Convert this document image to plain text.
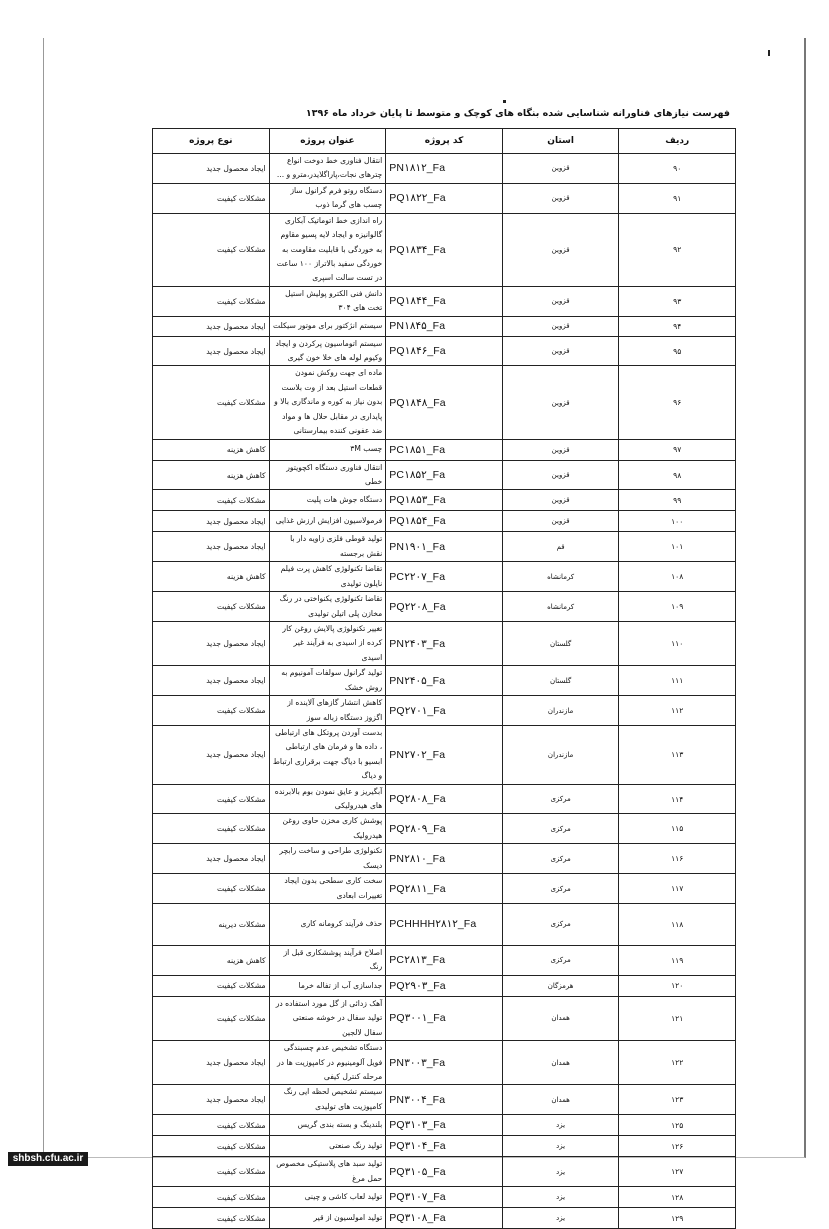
فهرست نیازهای فناورانه شناسایی شده بنگاه های کوچک و متوسط تا پایان خرداد ماه ۱۳۹۶
ردیف	استان	کد پروژه	عنوان پروژه	نوع پروژه
۹۰	قزوین	PN۱۸۱۲_Fa	انتقال فناوری خط دوخت انواع چترهای نجات،پاراگلایدر،مترو و ...	ایجاد محصول جدید
۹۱	قزوین	PQ۱۸۲۲_Fa	دستگاه روتو فرم گرانول ساز چسب های گرما ذوب	مشکلات کیفیت
۹۲	قزوین	PQ۱۸۳۴_Fa	راه اندازی خط اتوماتیک آبکاری گالوانیزه و ایجاد لایه پسیو مقاوم به خوردگی با قابلیت مقاومت به خوردگی سفید بالاتراز ۱۰۰ ساعت در تست سالت اسپری	مشکلات کیفیت
۹۳	قزوین	PQ۱۸۴۴_Fa	دانش فنی الکترو پولیش استیل تخت های ۳۰۴	مشکلات کیفیت
۹۴	قزوین	PN۱۸۴۵_Fa	سیستم انژکتور برای موتور سیکلت	ایجاد محصول جدید
۹۵	قزوین	PQ۱۸۴۶_Fa	سیستم اتوماسیون پرکردن و ایجاد وکیوم لوله های خلا خون گیری	ایجاد محصول جدید
۹۶	قزوین	PQ۱۸۴۸_Fa	ماده ای جهت روکش نمودن قطعات استیل بعد از وت بلاست بدون نیاز به کوره و ماندگاری بالا و پایداری در مقابل حلال ها و مواد ضد عفونی کننده بیمارستانی	مشکلات کیفیت
۹۷	قزوین	PC۱۸۵۱_Fa	چسب ۳M	کاهش هزینه
۹۸	قزوین	PC۱۸۵۲_Fa	انتقال فناوری دستگاه اکچویتور خطی	کاهش هزینه
۹۹	قزوین	PQ۱۸۵۳_Fa	دستگاه جوش هات پلیت	مشکلات کیفیت
۱۰۰	قزوین	PQ۱۸۵۴_Fa	فرمولاسیون افزایش ارزش غذایی	ایجاد محصول جدید
۱۰۱	قم	PN۱۹۰۱_Fa	تولید قوطی فلزی زاویه دار با نقش برجسته	ایجاد محصول جدید
۱۰۸	کرمانشاه	PC۲۲۰۷_Fa	تقاضا تکنولوژی کاهش پرت فیلم نایلون تولیدی	کاهش هزینه
۱۰۹	کرمانشاه	PQ۲۲۰۸_Fa	تقاضا تکنولوژی یکنواختی در رنگ مخازن پلی اتیلن تولیدی	مشکلات کیفیت
۱۱۰	گلستان	PN۲۴۰۳_Fa	تغییر تکنولوژی پالایش روغن کار کرده از اسیدی به فرآیند غیر اسیدی	ایجاد محصول جدید
۱۱۱	گلستان	PN۲۴۰۵_Fa	تولید گرانول سولفات آمونیوم به روش خشک	ایجاد محصول جدید
۱۱۲	مازندران	PQ۲۷۰۱_Fa	کاهش انتشار گازهای آلاینده از اگزوز دستگاه زباله سوز	مشکلات کیفیت
۱۱۳	مازندران	PN۲۷۰۲_Fa	بدست آوردن پروتکل های ارتباطی ، داده ها و فرمان های ارتباطی ابسیو با دیاگ جهت برقراری ارتباط و دیاگ	ایجاد محصول جدید
۱۱۴	مرکزی	PQ۲۸۰۸_Fa	آبگیریز و عایق نمودن بوم بالابرنده های هیدرولیکی	مشکلات کیفیت
۱۱۵	مرکزی	PQ۲۸۰۹_Fa	پوشش کاری مخزن حاوی روغن هیدرولیک	مشکلات کیفیت
۱۱۶	مرکزی	PN۲۸۱۰_Fa	تکنولوژی طراحی و ساخت رابچر دیسک	ایجاد محصول جدید
۱۱۷	مرکزی	PQ۲۸۱۱_Fa	سخت کاری سطحی بدون ایجاد تغییرات ابعادی	مشکلات کیفیت
۱۱۸	مرکزی	PCHHHH۲۸۱۲_Fa	حذف فرآیند کرومانه کاری	مشکلات دیرینه
۱۱۹	مرکزی	PC۲۸۱۳_Fa	اصلاح فرآیند پوششکاری قبل از رنگ	کاهش هزینه
۱۲۰	هرمزگان	PQ۲۹۰۳_Fa	جداسازی آب از تفاله خرما	مشکلات کیفیت
۱۲۱	همدان	PQ۳۰۰۱_Fa	آهک زدائی از گل مورد استفاده در تولید سفال در خوشه صنعتی سفال لالجین	مشکلات کیفیت
۱۲۲	همدان	PN۳۰۰۳_Fa	دستگاه تشخیص عدم چسبندگی فویل آلومینیوم در کامپوزیت ها در مرحله کنترل کیفی	ایجاد محصول جدید
۱۲۳	همدان	PN۳۰۰۴_Fa	سیستم تشخیص لحظه ایی رنگ کامپوزیت های تولیدی	ایجاد محصول جدید
۱۲۵	یزد	PQ۳۱۰۳_Fa	بلندینگ و بسته بندی گریس	مشکلات کیفیت
۱۲۶	یزد	PQ۳۱۰۴_Fa	تولید رنگ صنعتی	مشکلات کیفیت
۱۲۷	یزد	PQ۳۱۰۵_Fa	تولید سبد های پلاستیکی مخصوص حمل مرغ	مشکلات کیفیت
۱۲۸	یزد	PQ۳۱۰۷_Fa	تولید لعاب کاشی و چینی	مشکلات کیفیت
۱۲۹	یزد	PQ۳۱۰۸_Fa	تولید امولسیون از قیر	مشکلات کیفیت
shbsh.cfu.ac.ir
